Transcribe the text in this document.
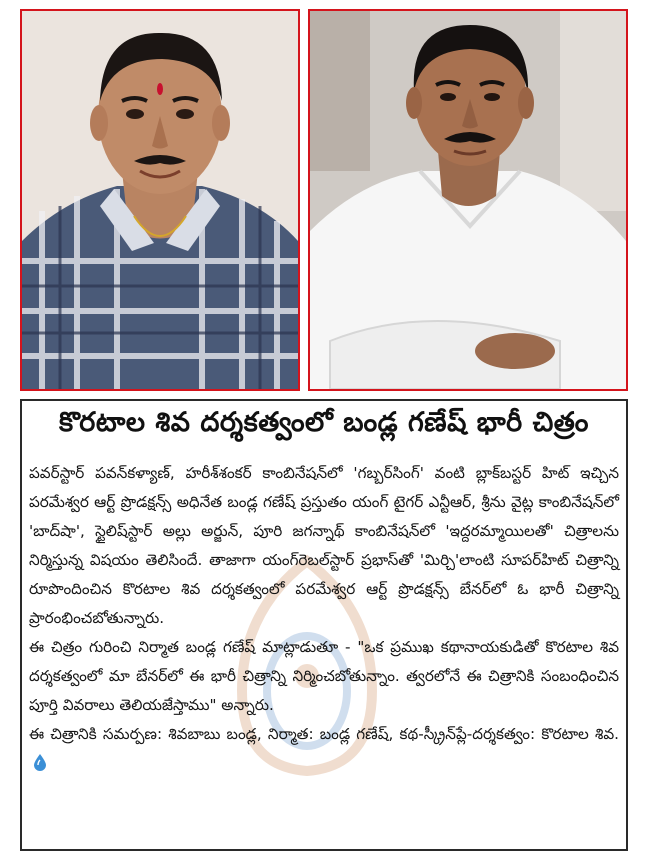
కొరటాల శివ దర్శకత్వంలో బండ్ల గణేష్ భారీ చిత్రం

పవర్‌స్టార్ పవన్‌కళ్యాణ్, హరీశ్‌శంకర్ కాంబినేషన్‌లో 'గబ్బర్‌సింగ్' వంటి బ్లాక్‌బస్టర్ హిట్ ఇచ్చిన పరమేశ్వర ఆర్ట్ ప్రొడక్షన్స్ అధినేత బండ్ల గణేష్ ప్రస్తుతం యంగ్ టైగర్ ఎన్టీఆర్, శ్రీను వైట్ల కాంబినేషన్‌లో 'బాద్‌షా', స్టైలిష్‌స్టార్ అల్లు అర్జున్, పూరి జగన్నాథ్ కాంబినేషన్‌లో 'ఇద్దరమ్మాయిలతో' చిత్రాలను నిర్మిస్తున్న విషయం తెలిసిందే. తాజాగా యంగ్‌రెబల్‌స్టార్ ప్రభాస్‌తో 'మిర్చి'లాంటి సూపర్‌హిట్ చిత్రాన్ని రూపొందించిన కొరటాల శివ దర్శకత్వంలో పరమేశ్వర ఆర్ట్ ప్రొడక్షన్స్ బేనర్‌లో ఓ భారీ చిత్రాన్ని ప్రారంభించబోతున్నారు.

ఈ చిత్రం గురించి నిర్మాత బండ్ల గణేష్ మాట్లాడుతూ - "ఒక ప్రముఖ కథానాయకుడితో కొరటాల శివ దర్శకత్వంలో మా బేనర్‌లో ఈ భారీ చిత్రాన్ని నిర్మించబోతున్నాం. త్వరలోనే ఈ చిత్రానికి సంబంధించిన పూర్తి వివరాలు తెలియజేస్తాము" అన్నారు.

ఈ చిత్రానికి సమర్పణ: శివబాబు బండ్ల, నిర్మాత: బండ్ల గణేష్, కథ-స్క్రీన్‌ప్లే-దర్శకత్వం: కొరటాల శివ.
